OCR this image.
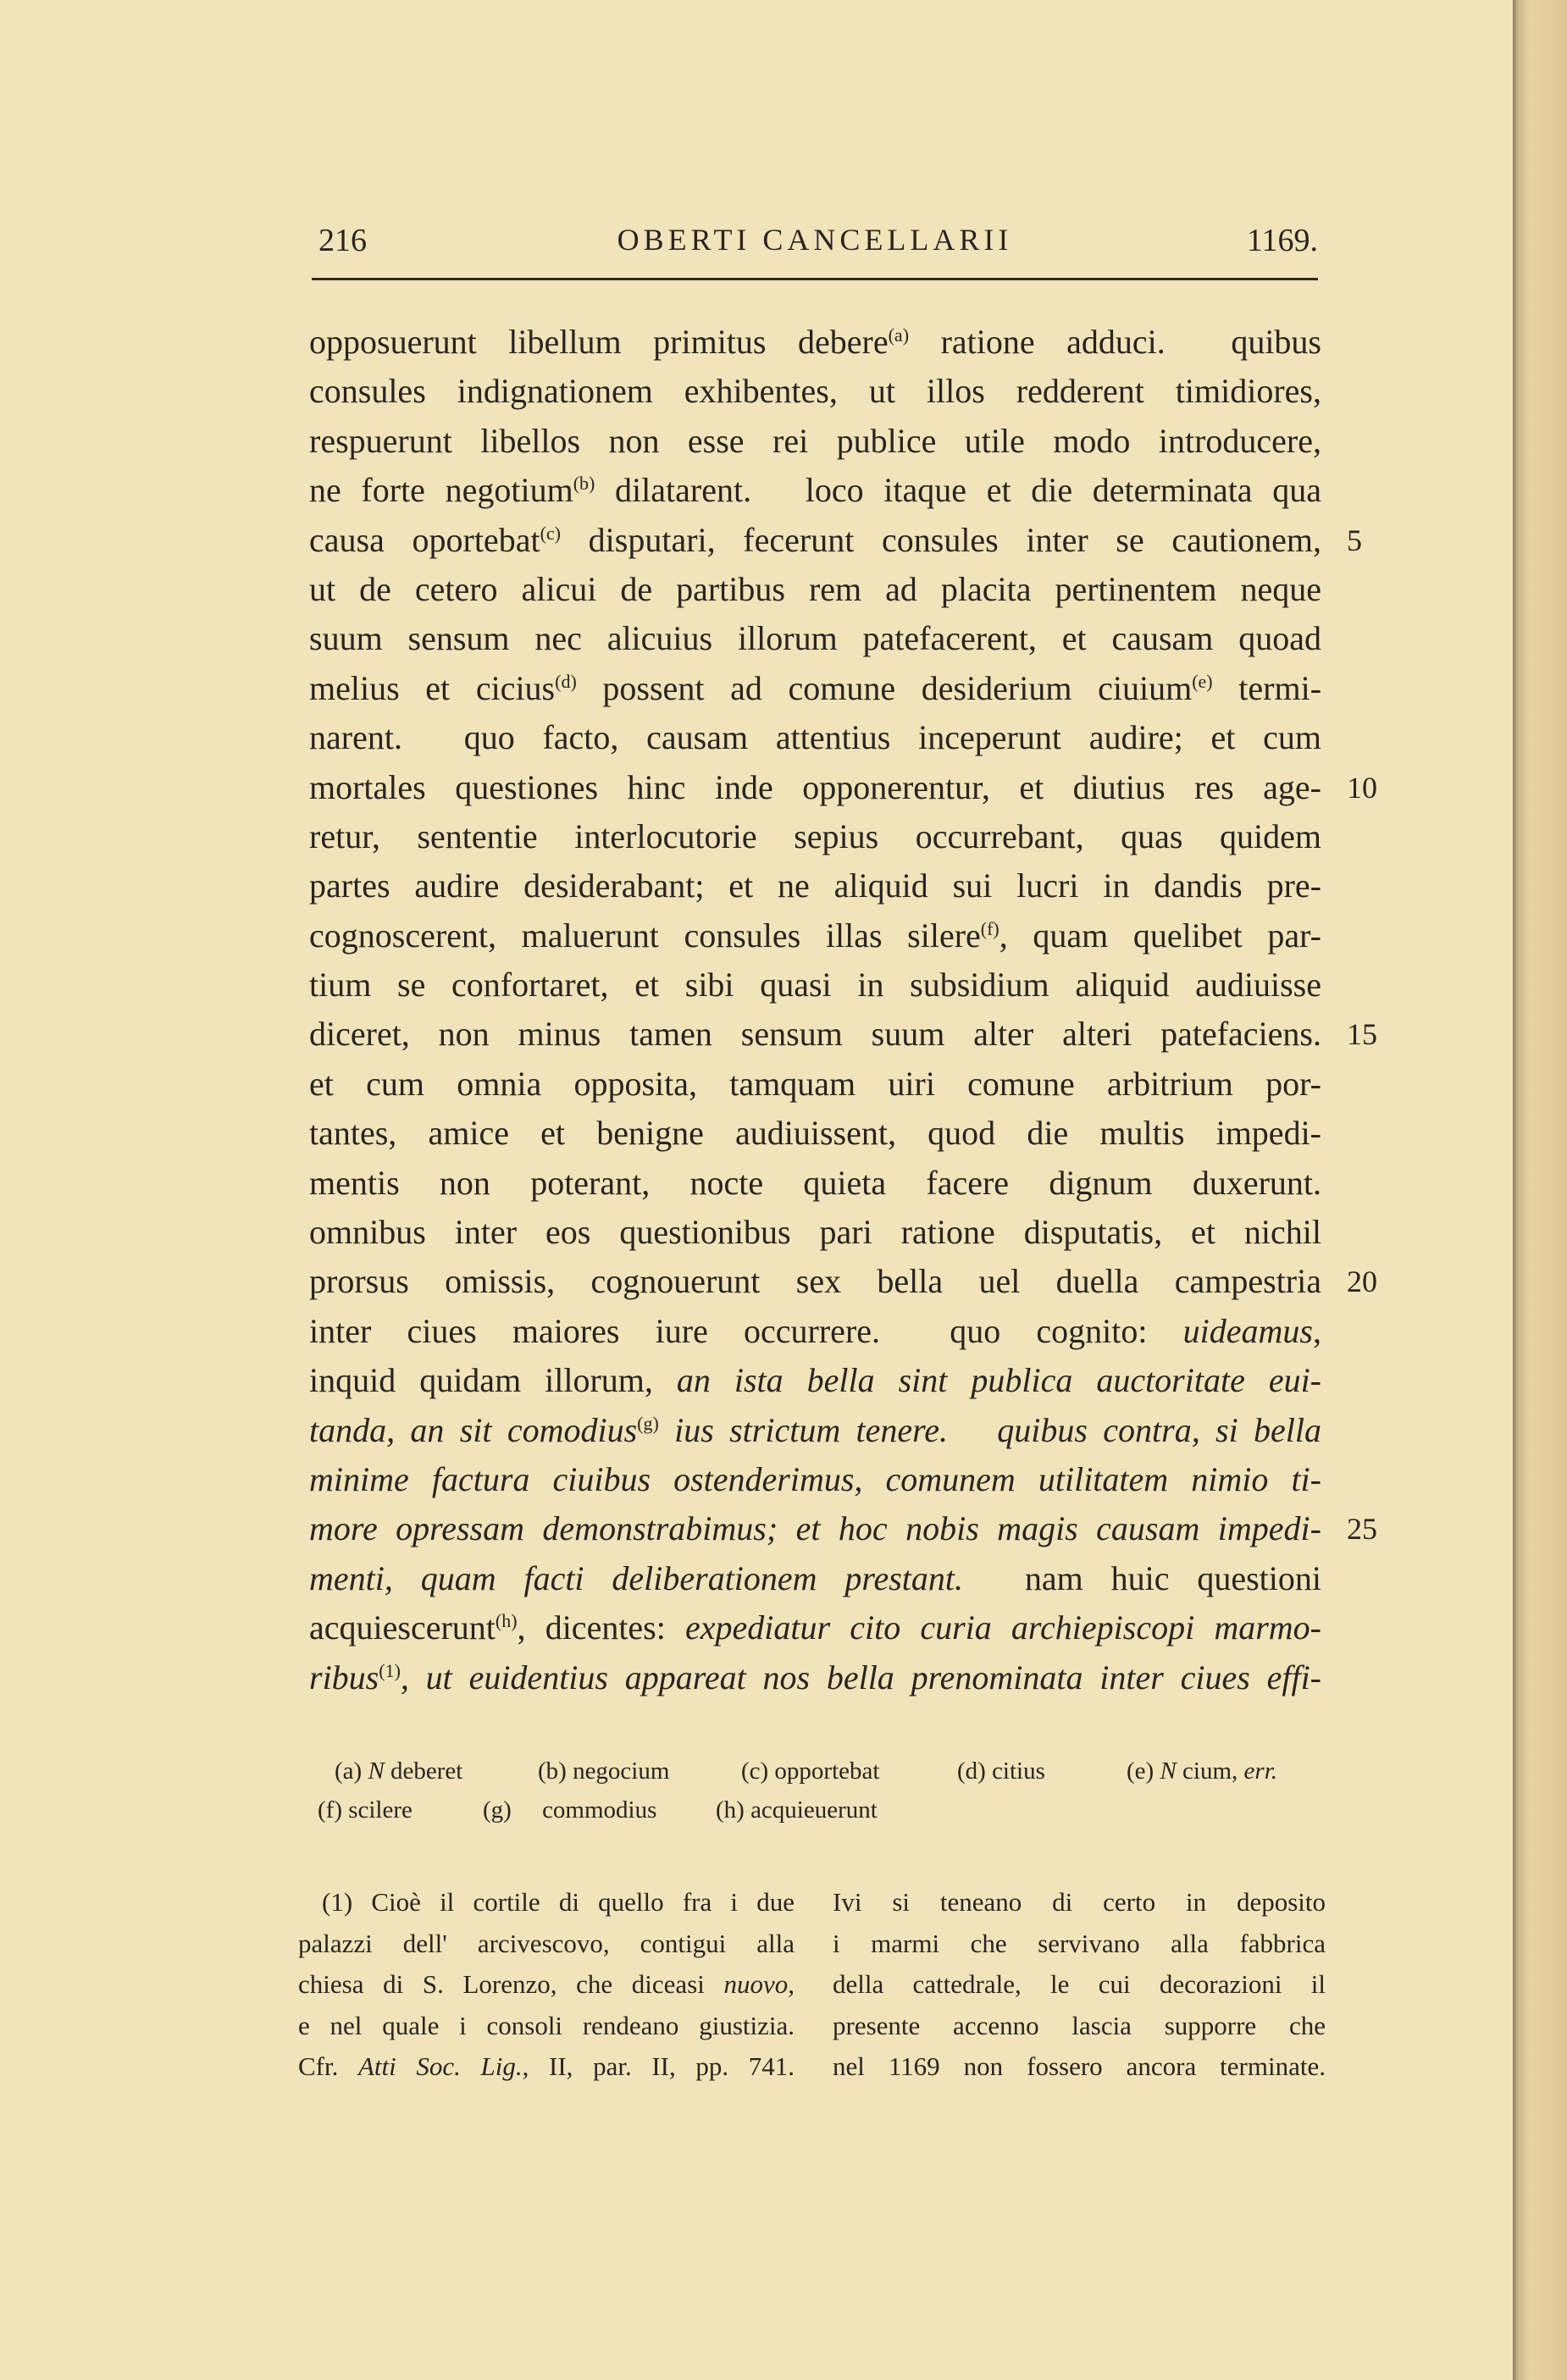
216	OBERTI CANCELLARII	1169.
opposuerunt libellum primitus debere$^{(a)}$ ratione adduci.  quibus
consules indignationem exhibentes, ut illos redderent timidiores,
respuerunt libellos non esse rei publice utile modo introducere,
ne forte negotium$^{(b)}$ dilatarent.  loco itaque et die determinata qua
causa oportebat$^{(c)}$ disputari, fecerunt consules inter se cautionem, 5
ut de cetero alicui de partibus rem ad placita pertinentem neque
suum sensum nec alicuius illorum patefacerent, et causam quoad
melius et cicius$^{(d)}$ possent ad comune desiderium ciuium$^{(e)}$ termi-
narent.  quo facto, causam attentius inceperunt audire; et cum
mortales questiones hinc inde opponerentur, et diutius res age- 10
retur, sententie interlocutorie sepius occurrebant, quas quidem
partes audire desiderabant; et ne aliquid sui lucri in dandis pre-
cognoscerent, maluerunt consules illas silere$^{(f)}$, quam quelibet par-
tium se confortaret, et sibi quasi in subsidium aliquid audiuisse
diceret, non minus tamen sensum suum alter alteri patefaciens. 15
et cum omnia opposita, tamquam uiri comune arbitrium por-
tantes, amice et benigne audiuissent, quod die multis impedi-
mentis non poterant, nocte quieta facere dignum duxerunt.
omnibus inter eos questionibus pari ratione disputatis, et nichil
prorsus omissis, cognouerunt sex bella uel duella campestria 20
inter ciues maiores iure occurrere.  quo cognito: uideamus,
inquid quidam illorum, an ista bella sint publica auctoritate eui-
tanda, an sit comodius$^{(g)}$ ius strictum tenere.  quibus contra, si bella
minime factura ciuibus ostenderimus, comunem utilitatem nimio ti-
more opressam demonstrabimus; et hoc nobis magis causam impedi- 25
menti, quam facti deliberationem prestant.  nam huic questioni
acquiescerunt$^{(h)}$, dicentes: expediatur cito curia archiepiscopi marmo-
ribus$^{(1)}$, ut euidentius appareat nos bella prenominata inter ciues effi-
(a) N deberet	(b) negocium	(c) opportebat	(d) citius	(e) N cium, err.
(f) scilere	(g)  commodius (h) acquieuerunt
(1) Cioè il cortile di quello fra i due
palazzi dell' arcivescovo, contigui alla
chiesa di S. Lorenzo, che diceasi nuovo,
e nel quale i consoli rendeano giustizia.
Cfr. Atti Soc. Lig., II, par. II, pp. 741.
Ivi si teneano di certo in deposito
i marmi che servivano alla fabbrica
della cattedrale, le cui decorazioni il
presente accenno lascia supporre che
nel 1169 non fossero ancora terminate.
